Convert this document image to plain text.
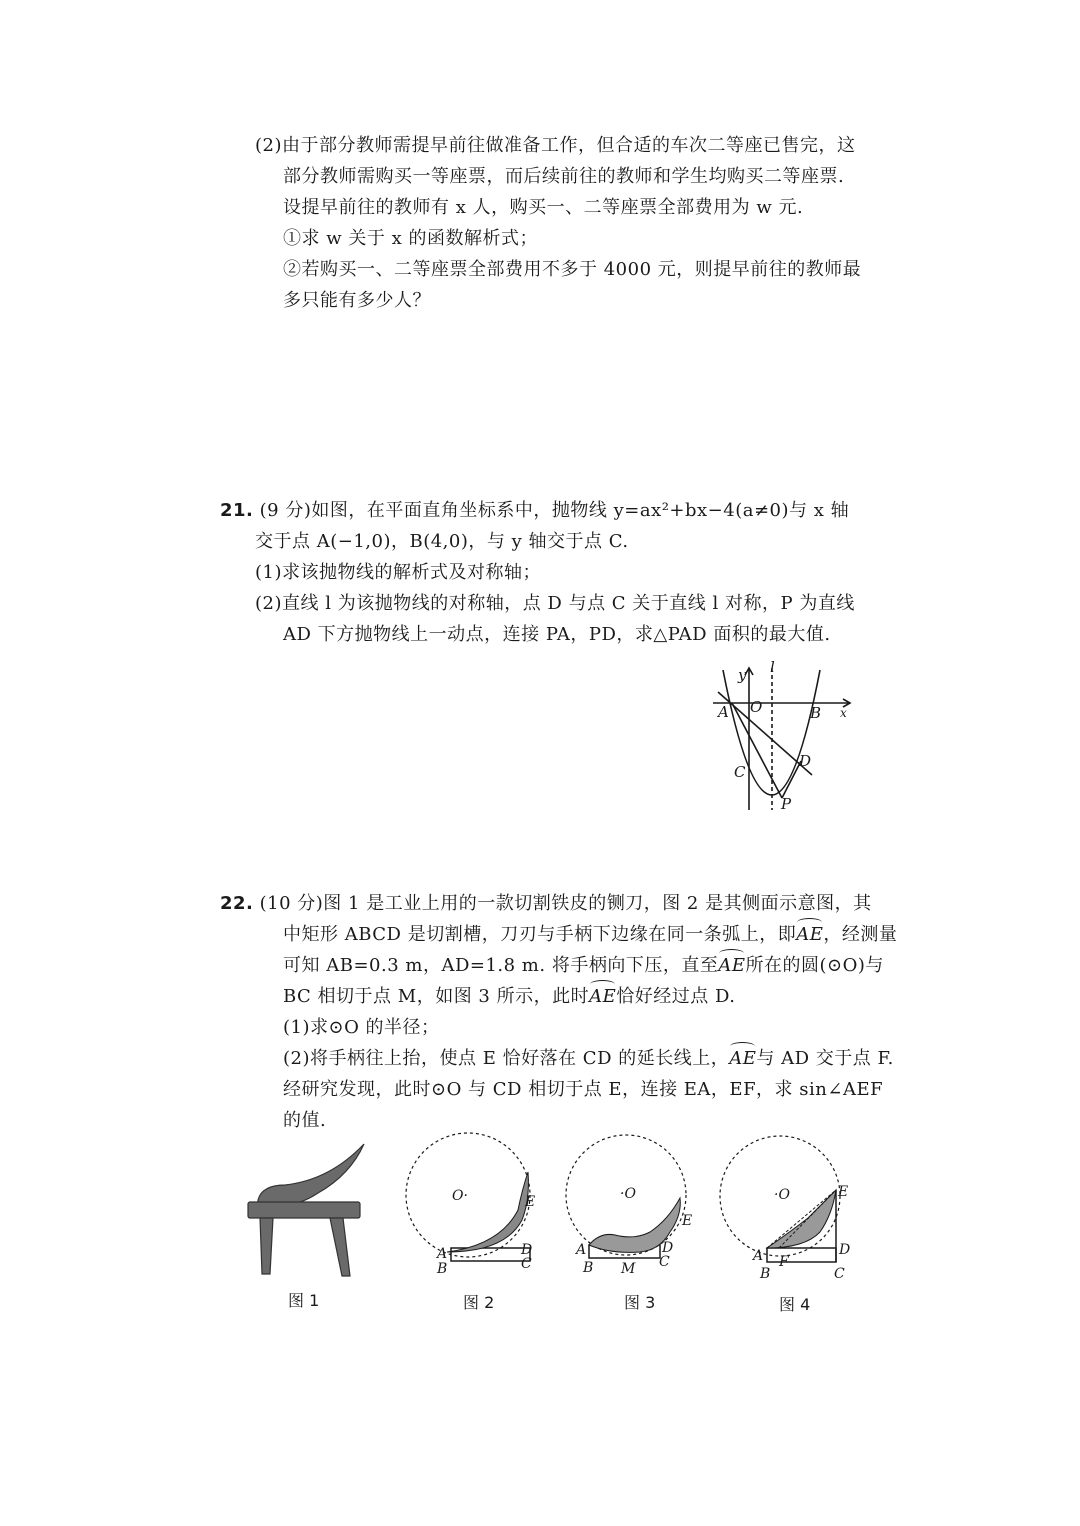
(2)由于部分教师需提早前往做准备工作，但合适的车次二等座已售完，这
部分教师需购买一等座票，而后续前往的教师和学生均购买二等座票.
设提早前往的教师有 x 人，购买一、二等座票全部费用为 w 元.
①求 w 关于 x 的函数解析式；
②若购买一、二等座票全部费用不多于 4000 元，则提早前往的教师最
多只能有多少人？
21. (9 分)如图，在平面直角坐标系中，抛物线 y=ax²+bx−4(a≠0)与 x 轴
交于点 A(−1,0)，B(4,0)，与 y 轴交于点 C.
(1)求该抛物线的解析式及对称轴；
(2)直线 l 为该抛物线的对称轴，点 D 与点 C 关于直线 l 对称，P 为直线
AD 下方抛物线上一动点，连接 PA，PD，求△PAD 面积的最大值.
y l
x
A O	B
C
D
P
22. (10 分)图 1 是工业上用的一款切割铁皮的铡刀，图 2 是其侧面示意图，其
中矩形 ABCD 是切割槽，刀刃与手柄下边缘在同一条弧上，即AE，经测量
可知 AB=0.3 m，AD=1.8 m. 将手柄向下压，直至AE所在的圆(⊙O)与
BC 相切于点 M，如图 3 所示，此时AE恰好经过点 D.
(1)求⊙O 的半径；
(2)将手柄往上抬，使点 E 恰好落在 CD 的延长线上，AE与 AD 交于点 F.
经研究发现，此时⊙O 与 CD 相切于点 E，连接 EA，EF，求 sin∠AEF
的值.
O·	E
A
B
D
C
·O
E
A
B M
D
C
·O	E
A F
B
D
C
图 1	图 2	图 3	图 4
